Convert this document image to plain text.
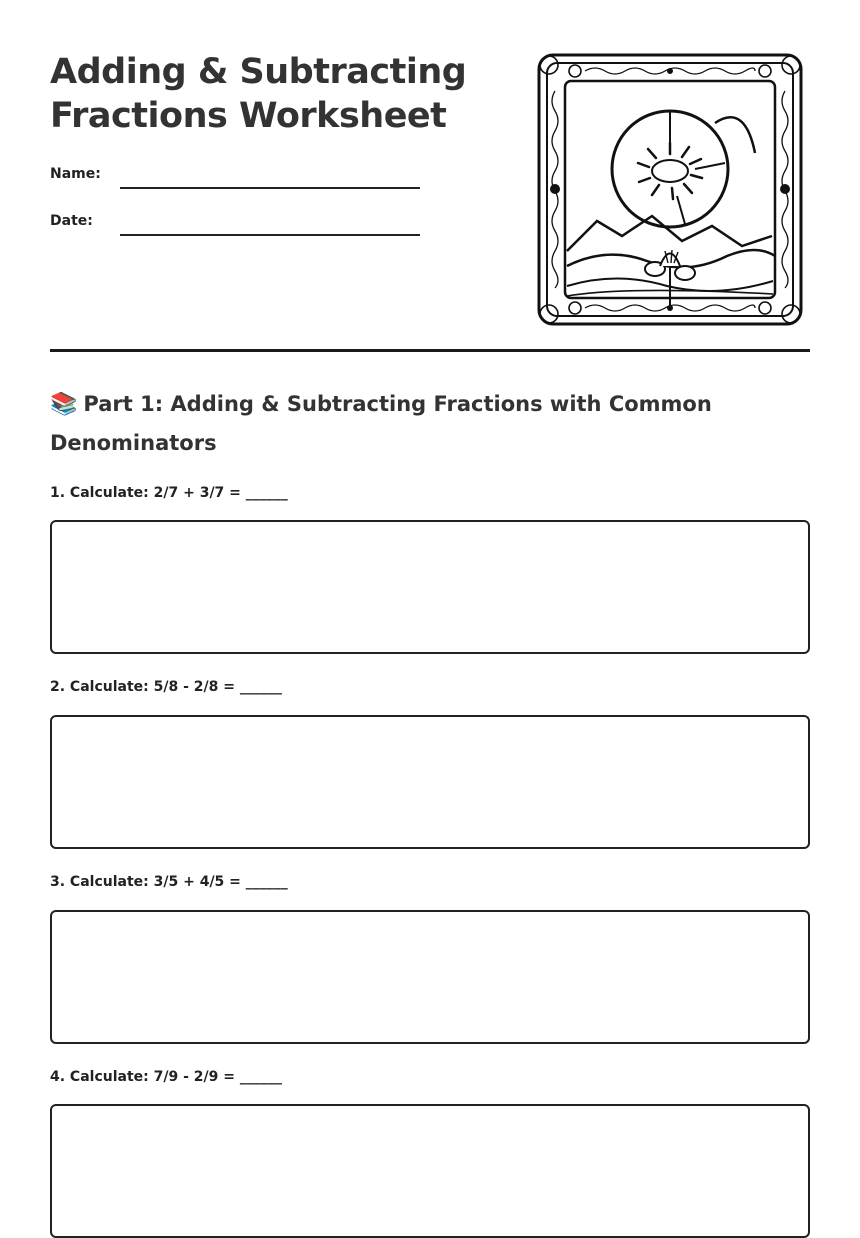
Adding & Subtracting Fractions Worksheet
Name:
Date:
📚 Part 1: Adding & Subtracting Fractions with Common Denominators
1. Calculate: 2/7 + 3/7 = ______
2. Calculate: 5/8 - 2/8 = ______
3. Calculate: 3/5 + 4/5 = ______
4. Calculate: 7/9 - 2/9 = ______
